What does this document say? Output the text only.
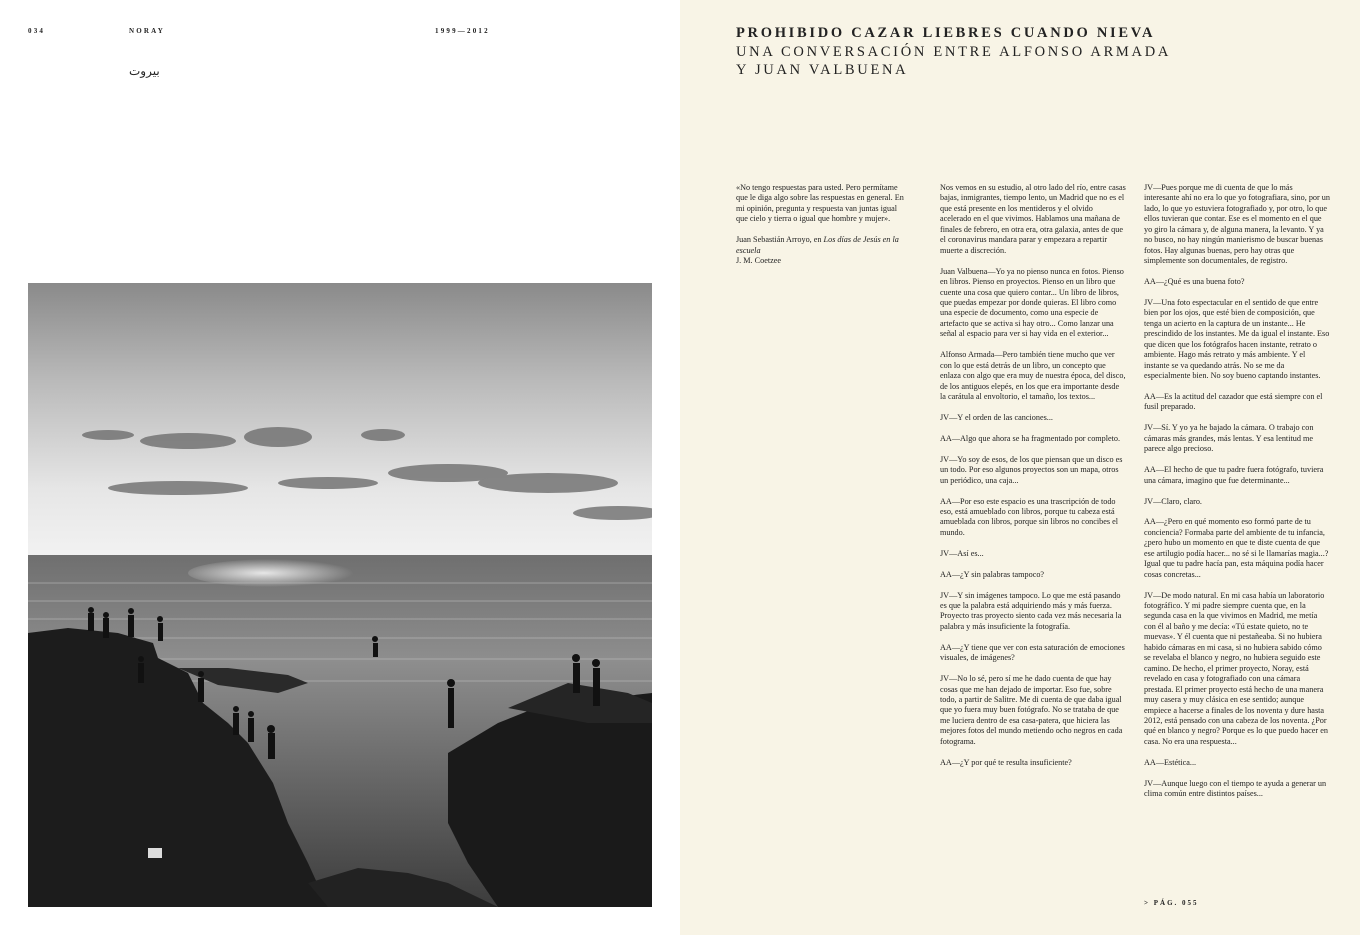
034	NORAY	1999—2012
بيروت
PROHIBIDO CAZAR LIEBRES CUANDO NIEVA
UNA CONVERSACIÓN ENTRE ALFONSO ARMADA
Y JUAN VALBUENA

«No tengo respuestas para usted. Pero permítame que le diga algo sobre las respuestas en general. En mi opinión, pregunta y respuesta van juntas igual que cielo y tierra o igual que hombre y mujer».

Juan Sebastián Arroyo, en Los días de Jesús en la escuela
J. M. Coetzee

Nos vemos en su estudio, al otro lado del río, entre casas bajas, inmigrantes, tiempo lento, un Madrid que no es el que está presente en los mentideros y el olvido acelerado en el que vivimos. Hablamos una mañana de finales de febrero, en otra era, otra galaxia, antes de que el coronavirus mandara parar y empezara a repartir muerte a discreción.

Juan Valbuena—Yo ya no pienso nunca en fotos. Pienso en libros. Pienso en proyectos. Pienso en un libro que cuente una cosa que quiero contar... Un libro de libros, que puedas empezar por donde quieras. El libro como una especie de documento, como una especie de artefacto que se activa si hay otro... Como lanzar una señal al espacio para ver si hay vida en el exterior...

Alfonso Armada—Pero también tiene mucho que ver con lo que está detrás de un libro, un concepto que enlaza con algo que era muy de nuestra época, del disco, de los antiguos elepés, en los que era importante desde la carátula al envoltorio, el tamaño, los textos...

JV—Y el orden de las canciones...

AA—Algo que ahora se ha fragmentado por completo.

JV—Yo soy de esos, de los que piensan que un disco es un todo. Por eso algunos proyectos son un mapa, otros un periódico, una caja...

AA—Por eso este espacio es una trascripción de todo eso, está amueblado con libros, porque tu cabeza está amueblada con libros, porque sin libros no concibes el mundo.

JV—Así es...

AA—¿Y sin palabras tampoco?

JV—Y sin imágenes tampoco. Lo que me está pasando es que la palabra está adquiriendo más y más fuerza. Proyecto tras proyecto siento cada vez más necesaria la palabra y más insuficiente la fotografía.

AA—¿Y tiene que ver con esta saturación de emociones visuales, de imágenes?

JV—No lo sé, pero sí me he dado cuenta de que hay cosas que me han dejado de importar. Eso fue, sobre todo, a partir de Salitre. Me di cuenta de que daba igual que yo fuera muy buen fotógrafo. No se trataba de que me luciera dentro de esa casa-patera, que hiciera las mejores fotos del mundo metiendo ocho negros en cada fotograma.

AA—¿Y por qué te resulta insuficiente?

JV—Pues porque me di cuenta de que lo más interesante ahí no era lo que yo fotografiara, sino, por un lado, lo que yo estuviera fotografiado y, por otro, lo que ellos tuvieran que contar. Ese es el momento en el que yo giro la cámara y, de alguna manera, la levanto. Y ya no busco, no hay ningún manierismo de buscar buenas fotos. Hay algunas buenas, pero hay otras que simplemente son documentales, de registro.

AA—¿Qué es una buena foto?

JV—Una foto espectacular en el sentido de que entre bien por los ojos, que esté bien de composición, que tenga un acierto en la captura de un instante... He prescindido de los instantes. Me da igual el instante. Eso que dicen que los fotógrafos hacen instante, retrato o ambiente. Hago más retrato y más ambiente. Y el instante se va quedando atrás. No se me da especialmente bien. No soy bueno captando instantes.

AA—Es la actitud del cazador que está siempre con el fusil preparado.

JV—Sí. Y yo ya he bajado la cámara. O trabajo con cámaras más grandes, más lentas. Y esa lentitud me parece algo precioso.

AA—El hecho de que tu padre fuera fotógrafo, tuviera una cámara, imagino que fue determinante...

JV—Claro, claro.

AA—¿Pero en qué momento eso formó parte de tu conciencia? Formaba parte del ambiente de tu infancia, ¿pero hubo un momento en que te diste cuenta de que ese artilugio podía hacer... no sé si le llamarías magia...? Igual que tu padre hacía pan, esta máquina podía hacer cosas concretas...

JV—De modo natural. En mi casa había un laboratorio fotográfico. Y mi padre siempre cuenta que, en la segunda casa en la que vivimos en Madrid, me metía con él al baño y me decía: «Tú estate quieto, no te muevas». Y él cuenta que ni pestañeaba. Si no hubiera habido cámaras en mi casa, si no hubiera sabido cómo se revelaba el blanco y negro, no hubiera seguido este camino. De hecho, el primer proyecto, Noray, está revelado en casa y fotografiado con una cámara prestada. El primer proyecto está hecho de una manera muy casera y muy clásica en ese sentido; aunque empiece a hacerse a finales de los noventa y dure hasta 2012, está pensado con una cabeza de los noventa. ¿Por qué en blanco y negro? Porque es lo que puedo hacer en casa. No era una respuesta...

AA—Estética...

JV—Aunque luego con el tiempo te ayuda a generar un clima común entre distintos países...

> PÁG. 055
